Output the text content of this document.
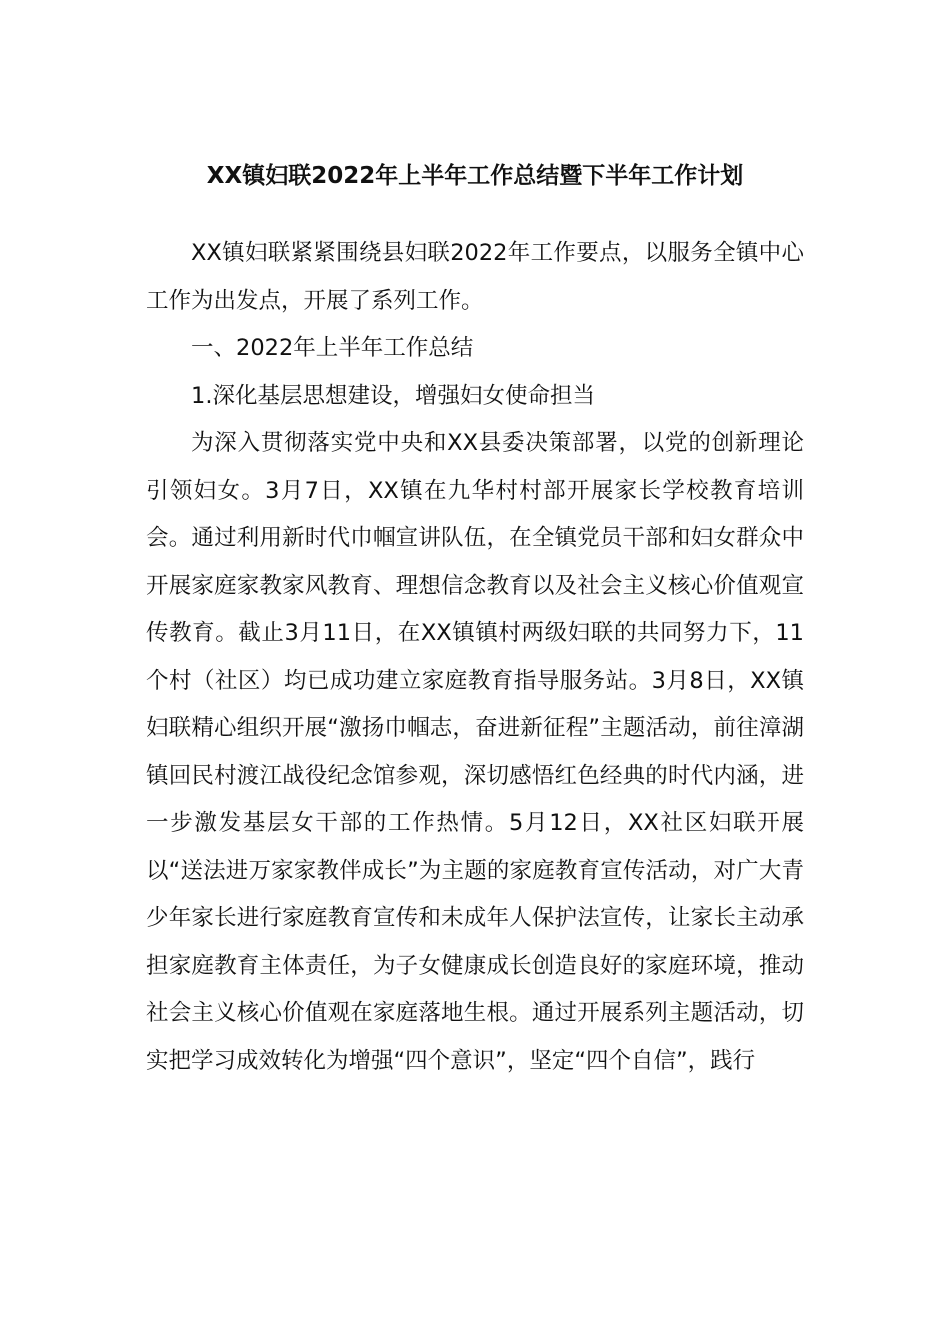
XX镇妇联2022年上半年工作总结暨下半年工作计划

XX镇妇联紧紧围绕县妇联2022年工作要点，以服务全镇中心工作为出发点，开展了系列工作。

一、2022年上半年工作总结

1.深化基层思想建设，增强妇女使命担当

为深入贯彻落实党中央和XX县委决策部署，以党的创新理论引领妇女。3月7日，XX镇在九华村村部开展家长学校教育培训会。通过利用新时代巾帼宣讲队伍，在全镇党员干部和妇女群众中开展家庭家教家风教育、理想信念教育以及社会主义核心价值观宣传教育。截止3月11日，在XX镇镇村两级妇联的共同努力下，11个村（社区）均已成功建立家庭教育指导服务站。3月8日，XX镇妇联精心组织开展“激扬巾帼志，奋进新征程”主题活动，前往漳湖镇回民村渡江战役纪念馆参观，深切感悟红色经典的时代内涵，进一步激发基层女干部的工作热情。5月12日，XX社区妇联开展以“送法进万家家教伴成长”为主题的家庭教育宣传活动，对广大青少年家长进行家庭教育宣传和未成年人保护法宣传，让家长主动承担家庭教育主体责任，为子女健康成长创造良好的家庭环境，推动社会主义核心价值观在家庭落地生根。通过开展系列主题活动，切实把学习成效转化为增强“四个意识”，坚定“四个自信”，践行
